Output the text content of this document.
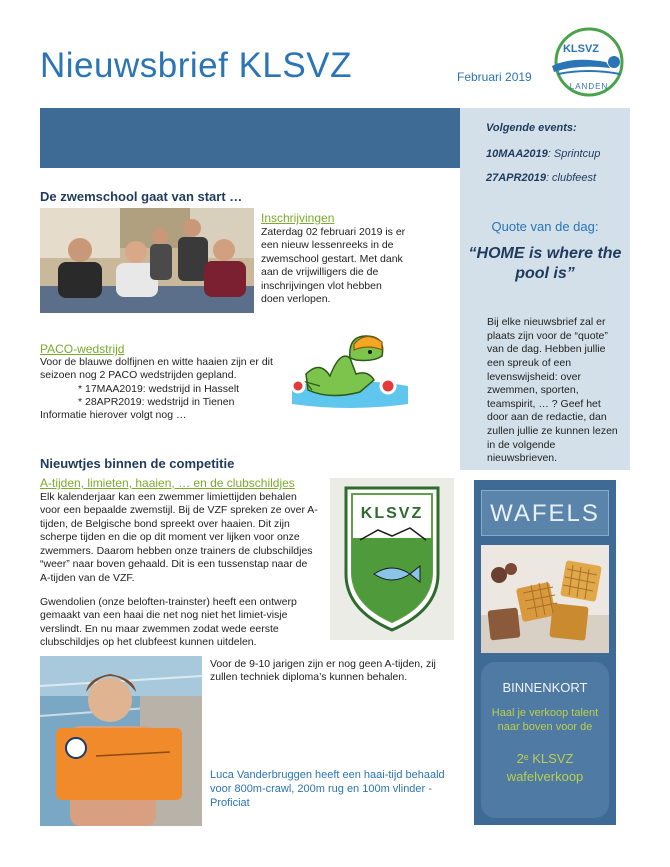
Nieuwsbrief KLSVZ	Februari 2019
KLSVZ
LANDEN
Volgende events:
10MAA2019: Sprintcup
27APR2019: clubfeest
Quote van de dag:
“HOME is where the pool is”
Bij elke nieuwsbrief zal er plaats zijn voor de “quote” van de dag. Hebben jullie een spreuk of een levenswijsheid: over zwemmen, sporten, teamspirit, … ? Geef het door aan de redactie, dan zullen jullie ze kunnen lezen in de volgende nieuwsbrieven.
WAFELS
BINNENKORT
Haal je verkoop talent naar boven voor de
2ᵉ KLSVZ wafelverkoop
De zwemschool gaat van start …
Inschrijvingen
Zaterdag 02 februari 2019 is er een nieuw lessenreeks in de zwemschool gestart. Met dank aan de vrijwilligers die de inschrijvingen vlot hebben doen verlopen.
PACO-wedstrijd
Voor de blauwe dolfijnen en witte haaien zijn er dit seizoen nog 2 PACO wedstrijden gepland.
* 17MAA2019: wedstrijd in Hasselt
* 28APR2019: wedstrijd in Tienen
Informatie hierover volgt nog …
Nieuwtjes binnen de competitie
A-tijden, limieten, haaien, … en de clubschildjes
Elk kalenderjaar kan een zwemmer limiettijden behalen voor een bepaalde zwemstijl. Bij de VZF spreken ze over A-tijden, de Belgische bond spreekt over haaien. Dit zijn scherpe tijden en die op dit moment ver lijken voor onze zwemmers. Daarom hebben onze trainers de clubschildjes “weer” naar boven gehaald. Dit is een tussenstap naar de A-tijden van de VZF.
Gwendolien (onze beloften-trainster) heeft een ontwerp gemaakt van een haai die net nog niet het limiet-visje verslindt. En nu maar zwemmen zodat wede eerste clubschildjes op het clubfeest kunnen uitdelen.
KLSVZ
Voor de 9-10 jarigen zijn er nog geen A-tijden, zij zullen techniek diploma’s kunnen behalen.
Luca Vanderbruggen heeft een haai-tijd behaald voor 800m-crawl, 200m rug en 100m vlinder - Proficiat
